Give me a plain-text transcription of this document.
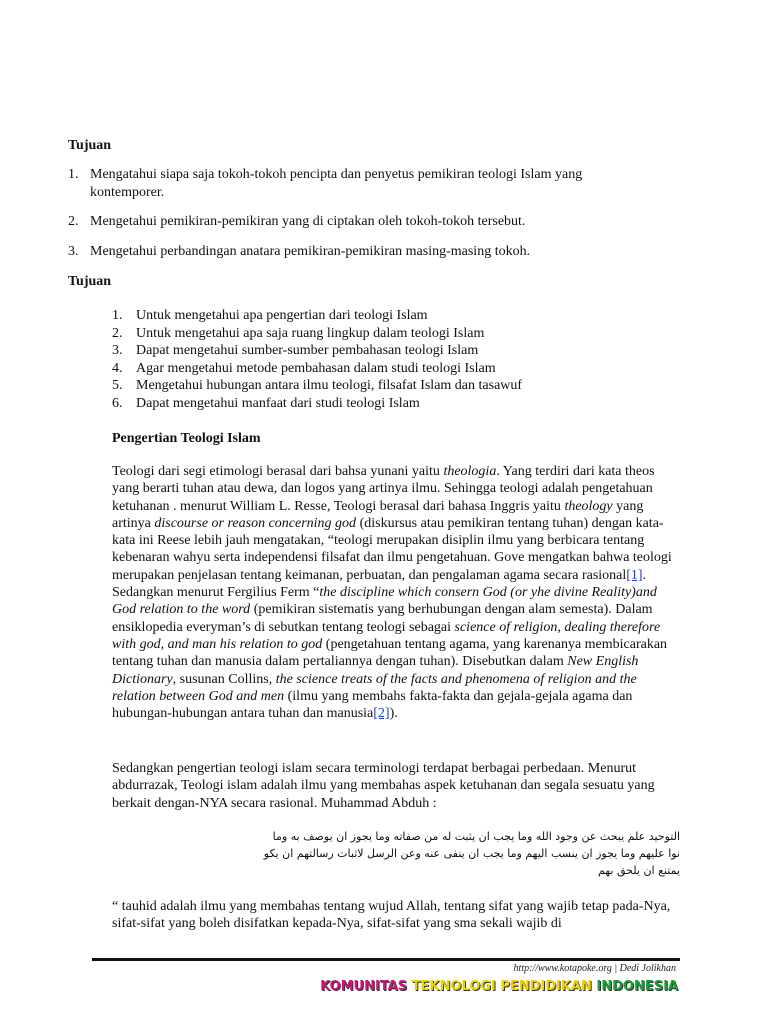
Tujuan
1. Mengatahui siapa saja tokoh-tokoh pencipta dan penyetus pemikiran teologi Islam yang kontemporer.
2. Mengetahui pemikiran-pemikiran yang di ciptakan oleh tokoh-tokoh tersebut.
3. Mengetahui perbandingan anatara pemikiran-pemikiran masing-masing tokoh.
Tujuan
1. Untuk mengetahui apa pengertian dari teologi Islam
2. Untuk mengetahui apa saja ruang lingkup dalam teologi Islam
3. Dapat mengetahui sumber-sumber pembahasan teologi Islam
4. Agar mengetahui metode pembahasan dalam studi teologi Islam
5. Mengetahui hubungan antara ilmu teologi, filsafat Islam dan tasawuf
6. Dapat mengetahui manfaat dari studi teologi Islam
Pengertian Teologi Islam
Teologi dari segi etimologi berasal dari bahsa yunani yaitu theologia. Yang terdiri dari kata theos yang berarti tuhan atau dewa, dan logos yang artinya ilmu. Sehingga teologi adalah pengetahuan ketuhanan . menurut William L. Resse, Teologi berasal dari bahasa Inggris yaitu theology yang artinya discourse or reason concerning god (diskursus atau pemikiran tentang tuhan) dengan kata-kata ini Reese lebih jauh mengatakan, “teologi merupakan disiplin ilmu yang berbicara tentang kebenaran wahyu serta independensi filsafat dan ilmu pengetahuan. Gove mengatkan bahwa teologi merupakan penjelasan tentang keimanan, perbuatan, dan pengalaman agama secara rasional[1]. Sedangkan menurut Fergilius Ferm “the discipline which consern God (or yhe divine Reality)and God relation to the word (pemikiran sistematis yang berhubungan dengan alam semesta). Dalam ensiklopedia everyman’s di sebutkan tentang teologi sebagai science of religion, dealing therefore with god, and man his relation to god (pengetahuan tentang agama, yang karenanya membicarakan tentang tuhan dan manusia dalam pertaliannya dengan tuhan). Disebutkan dalam New English Dictionary, susunan Collins, the science treats of the facts and phenomena of religion and the relation between God and men (ilmu yang membahs fakta-fakta dan gejala-gejala agama dan hubungan-hubungan antara tuhan dan manusia[2]).
Sedangkan pengertian teologi islam secara terminologi terdapat berbagai perbedaan. Menurut abdurrazak, Teologi islam adalah ilmu yang membahas aspek ketuhanan dan segala sesuatu yang berkait dengan-NYA secara rasional. Muhammad Abduh :
التوحيد علم يبحث عن وجود الله وما يجب ان يثبت له من صفاته وما يجوز ان يوصف به وما
نوا عليهم وما يجوز ان ينسب اليهم وما يجب ان ينفى عنه وعن الرسل لاثبات رسالتهم ان يكو
يمتنع ان يلحق بهم
“ tauhid adalah ilmu yang membahas tentang wujud Allah, tentang sifat yang wajib tetap pada-Nya, sifat-sifat yang boleh disifatkan kepada-Nya, sifat-sifat yang sma sekali wajib di
http://www.kotapoke.org | Dedi Jolikhan
KOMUNITAS TEKNOLOGI PENDIDIKAN INDONESIA
